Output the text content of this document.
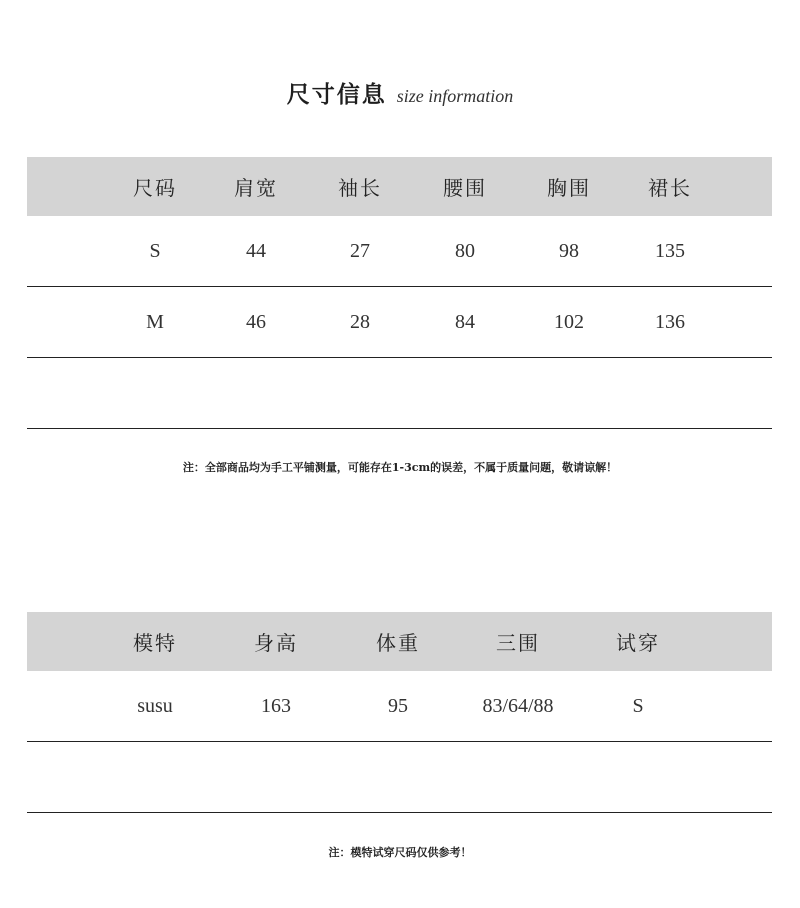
尺寸信息 size information
尺码	肩宽	袖长	腰围	胸围	裙长
S	44	27	80	98	135
M	46	28	84	102	136
注：全部商品均为手工平铺测量，可能存在1-3cm的误差，不属于质量问题，敬请谅解！
模特	身高	体重	三围	试穿
susu	163	95	83/64/88	S
注：模特试穿尺码仅供参考！
